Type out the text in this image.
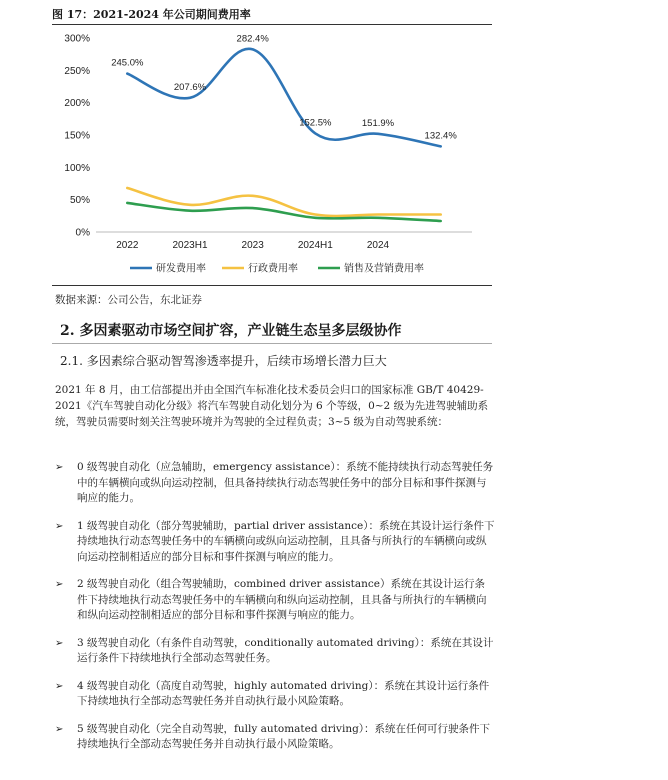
图 17：2021-2024 年公司期间费用率
0%
50%
100%
150%
200%
250%
300%
2022	2023H1	2023	2024H1	2024
245.0%
207.6%
282.4%
152.5%	151.9%
132.4%
研发费用率	行政费用率	销售及营销费用率
数据来源：公司公告，东北证券
2. 多因素驱动市场空间扩容，产业链生态呈多层级协作
2.1. 多因素综合驱动智驾渗透率提升，后续市场增长潜力巨大
2021 年 8 月，由工信部提出并由全国汽车标准化技术委员会归口的国家标准 GB/T 40429-2021《汽车驾驶自动化分级》将汽车驾驶自动化划分为 6 个等级，0~2 级为先进驾驶辅助系统，驾驶员需要时刻关注驾驶环境并为驾驶的全过程负责；3~5 级为自动驾驶系统：
➢ 0 级驾驶自动化（应急辅助，emergency assistance）：系统不能持续执行动态驾驶任务中的车辆横向或纵向运动控制，但具备持续执行动态驾驶任务中的部分目标和事件探测与响应的能力。
➢ 1 级驾驶自动化（部分驾驶辅助，partial driver assistance）：系统在其设计运行条件下持续地执行动态驾驶任务中的车辆横向或纵向运动控制，且具备与所执行的车辆横向或纵向运动控制相适应的部分目标和事件探测与响应的能力。
➢ 2 级驾驶自动化（组合驾驶辅助，combined driver assistance）系统在其设计运行条件下持续地执行动态驾驶任务中的车辆横向和纵向运动控制，且具备与所执行的车辆横向和纵向运动控制相适应的部分目标和事件探测与响应的能力。
➢ 3 级驾驶自动化（有条件自动驾驶，conditionally automated driving）：系统在其设计运行条件下持续地执行全部动态驾驶任务。
➢ 4 级驾驶自动化（高度自动驾驶，highly automated driving）：系统在其设计运行条件下持续地执行全部动态驾驶任务并自动执行最小风险策略。
➢ 5 级驾驶自动化（完全自动驾驶，fully automated driving）：系统在任何可行驶条件下持续地执行全部动态驾驶任务并自动执行最小风险策略。
